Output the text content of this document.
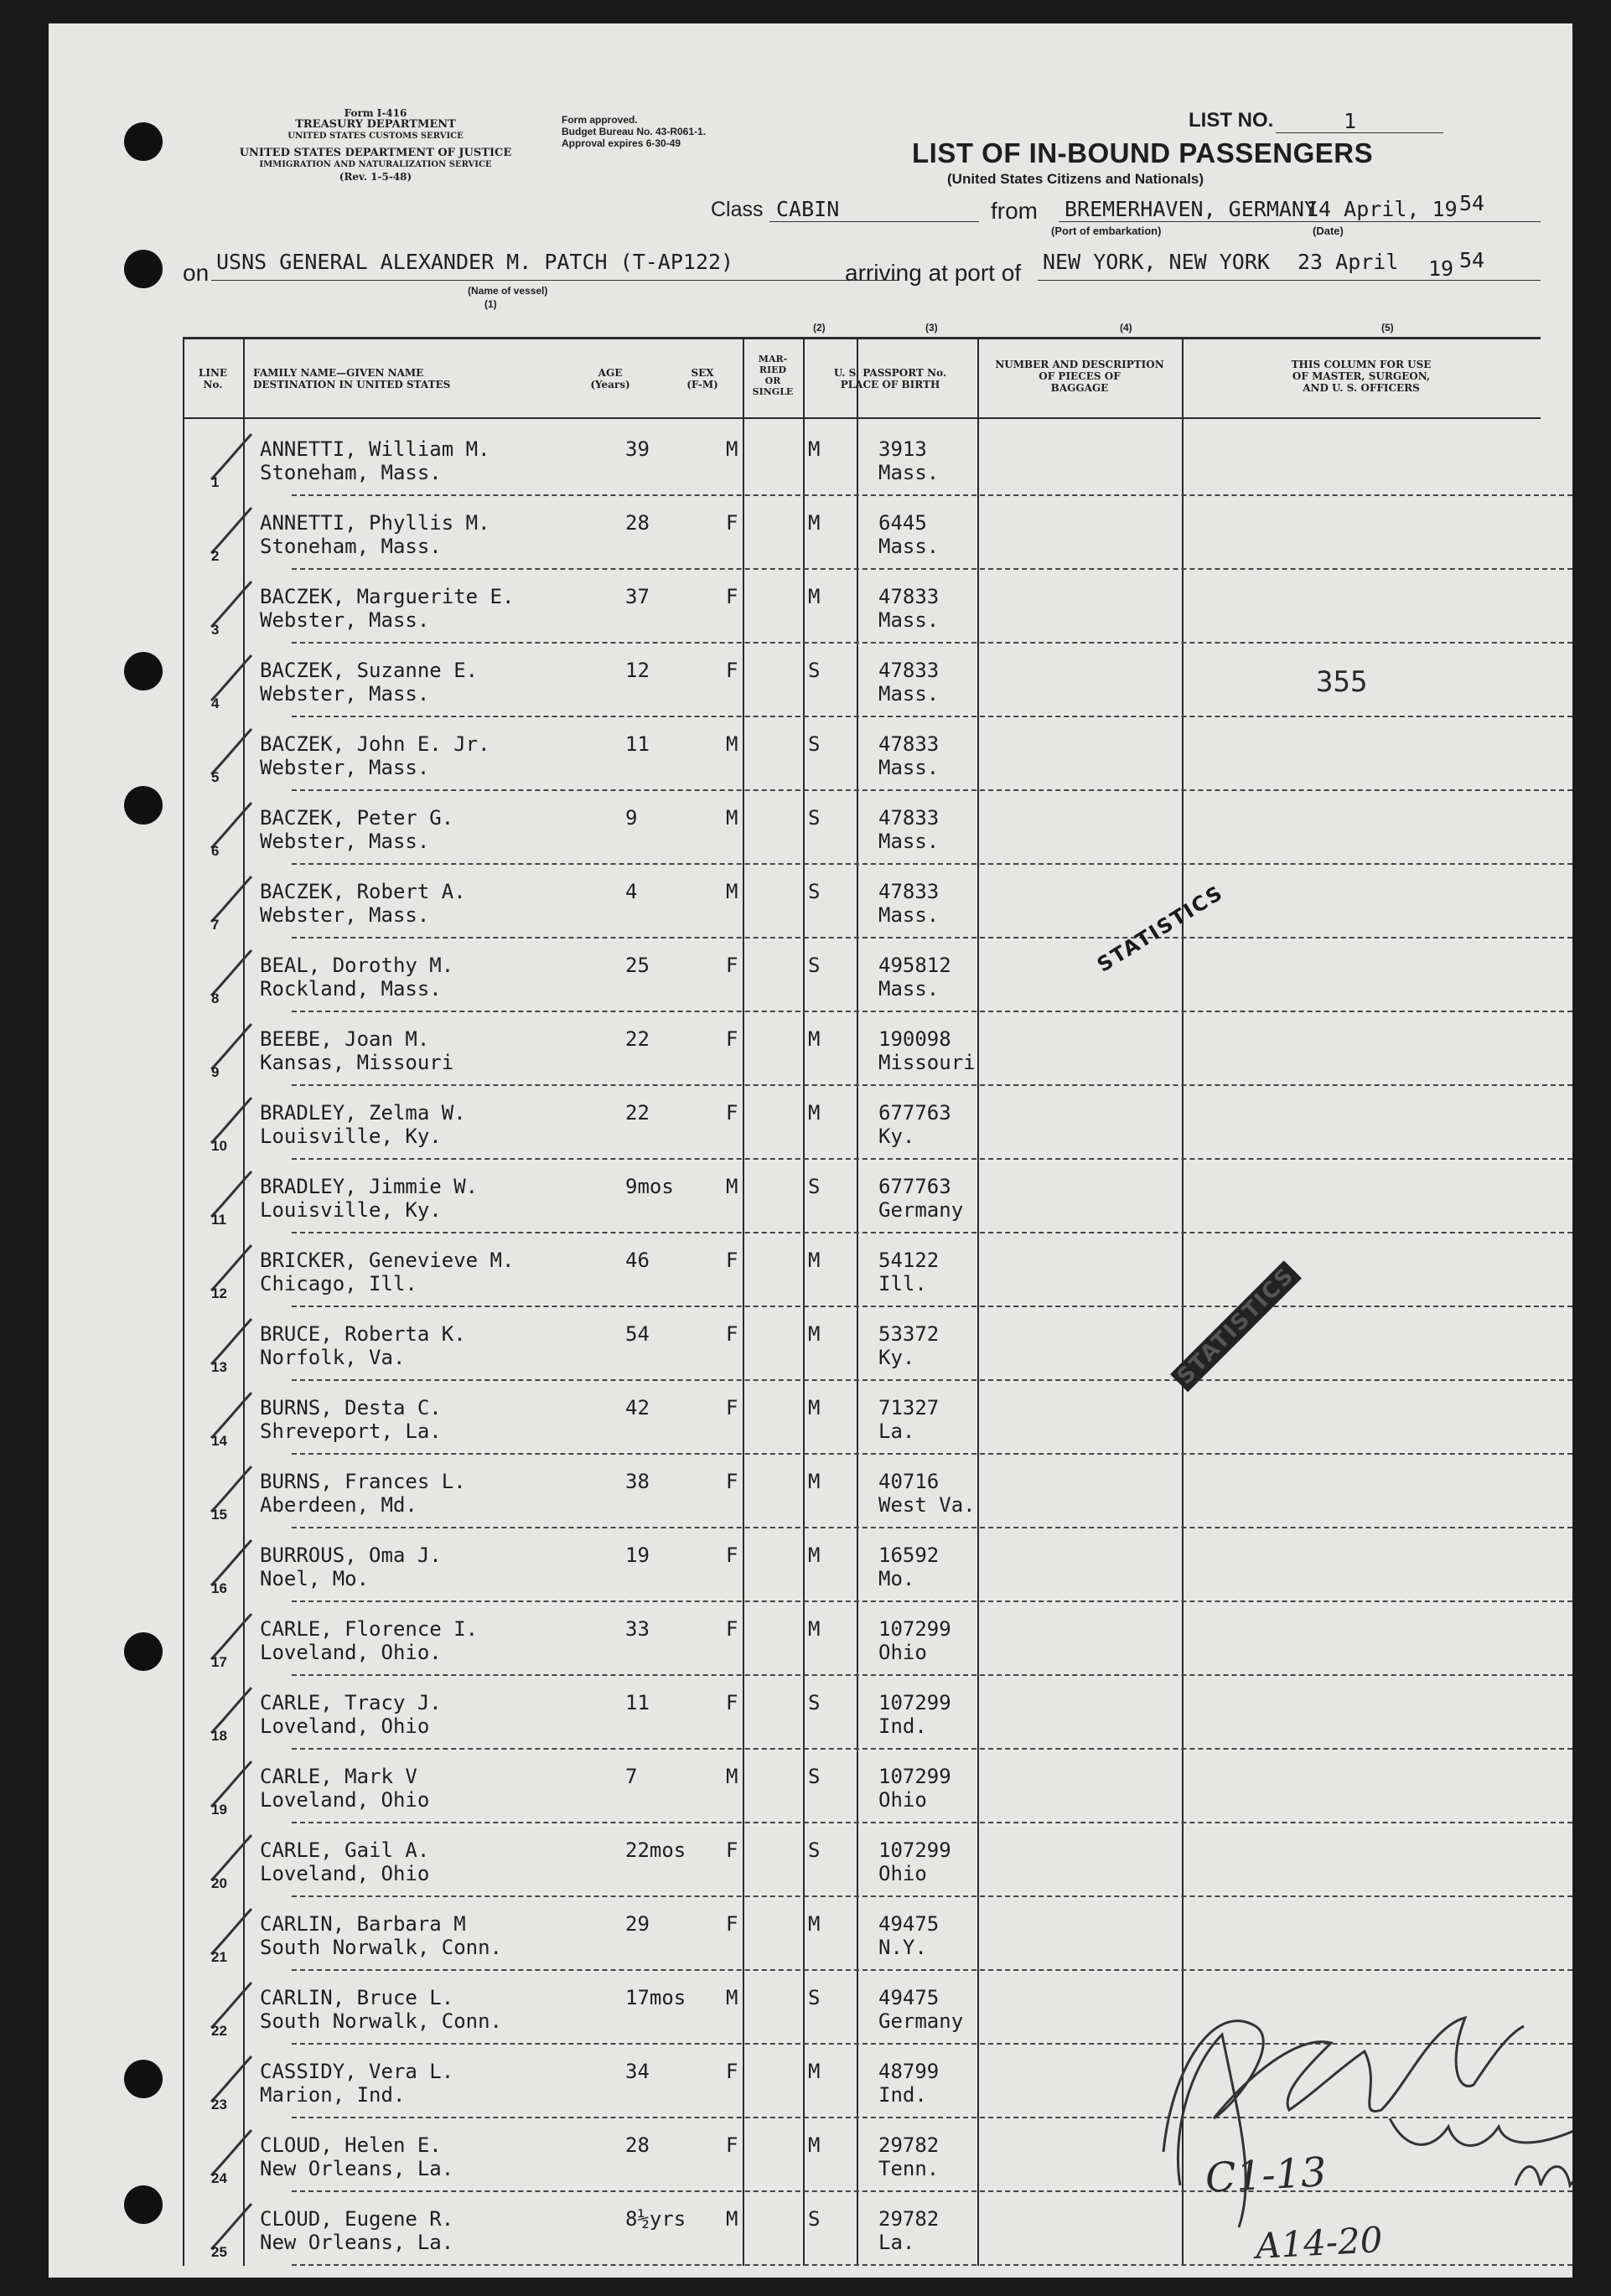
Form I-416
TREASURY DEPARTMENT
UNITED STATES CUSTOMS SERVICE
UNITED STATES DEPARTMENT OF JUSTICE
IMMIGRATION AND NATURALIZATION SERVICE
(Rev. 1-5-48)
Form approved.
Budget Bureau No. 43-R061-1.
Approval expires 6-30-49
LIST NO.	1
LIST OF IN-BOUND PASSENGERS
(United States Citizens and Nationals)
Class CABIN	from BREMERHAVEN, GERMANY
14 April, 19 54
(Port of embarkation)	(Date)
on USNS GENERAL ALEXANDER M. PATCH (T-AP122)
(Name of vessel)
(1)
arriving at port of NEW YORK, NEW YORK 23 April 19 54
(2)	(3)	(4)	(5)
LINE
No.
FAMILY NAME—GIVEN NAME
DESTINATION IN UNITED STATES
AGE
(Years)
SEX
(F-M)
MAR-
RIED
OR
SINGLE
U. S. PASSPORT No.
PLACE OF BIRTH
NUMBER AND DESCRIPTION
OF PIECES OF
BAGGAGE
THIS COLUMN FOR USE
OF MASTER, SURGEON,
AND U. S. OFFICERS
1
ANNETTI, William M.
Stoneham, Mass.
39	M	M	3913
Mass.
2
ANNETTI, Phyllis M.
Stoneham, Mass.
28	F	M	6445
Mass.
3
BACZEK, Marguerite E.
Webster, Mass.
37	F	M	47833
Mass.
4
BACZEK, Suzanne E.
Webster, Mass.
12	F	S	47833
Mass.
5
BACZEK, John E. Jr.
Webster, Mass.
11	M	S	47833
Mass.
6
BACZEK, Peter G.
Webster, Mass.
9	M	S	47833
Mass.
7
BACZEK, Robert A.
Webster, Mass.
4	M	S	47833
Mass.
8
BEAL, Dorothy M.
Rockland, Mass.
25	F	S	495812
Mass.
9
BEEBE, Joan M.
Kansas, Missouri
22	F	M	190098
Missouri
10
BRADLEY, Zelma W.
Louisville, Ky.
22	F	M	677763
Ky.
11
BRADLEY, Jimmie W.
Louisville, Ky.
9mos	M	S	677763
Germany
12
BRICKER, Genevieve M.
Chicago, Ill.
46	F	M	54122
Ill.
13
BRUCE, Roberta K.
Norfolk, Va.
54	F	M	53372
Ky.
14
BURNS, Desta C.
Shreveport, La.
42	F	M	71327
La.
15
BURNS, Frances L.
Aberdeen, Md.
38	F	M	40716
West Va.
16
BURROUS, Oma J.
Noel, Mo.
19	F	M	16592
Mo.
17
CARLE, Florence I.
Loveland, Ohio.
33	F	M	107299
Ohio
18
CARLE, Tracy J.
Loveland, Ohio
11	F	S	107299
Ind.
19
CARLE, Mark V
Loveland, Ohio
7	M	S	107299
Ohio
20
CARLE, Gail A.
Loveland, Ohio
22mos F	S	107299
Ohio
21
CARLIN, Barbara M
South Norwalk, Conn.
29	F	M	49475
N.Y.
22
CARLIN, Bruce L.
South Norwalk, Conn.
17mos M	S	49475
Germany
23
CASSIDY, Vera L.
Marion, Ind.
34	F	M	48799
Ind.
24
CLOUD, Helen E.
New Orleans, La.
28	F	M	29782
Tenn.
25
CLOUD, Eugene R.
New Orleans, La.
8½yrs M	S	29782
La.
355
STATISTICS
STATISTICS
C1-13
A14-20
